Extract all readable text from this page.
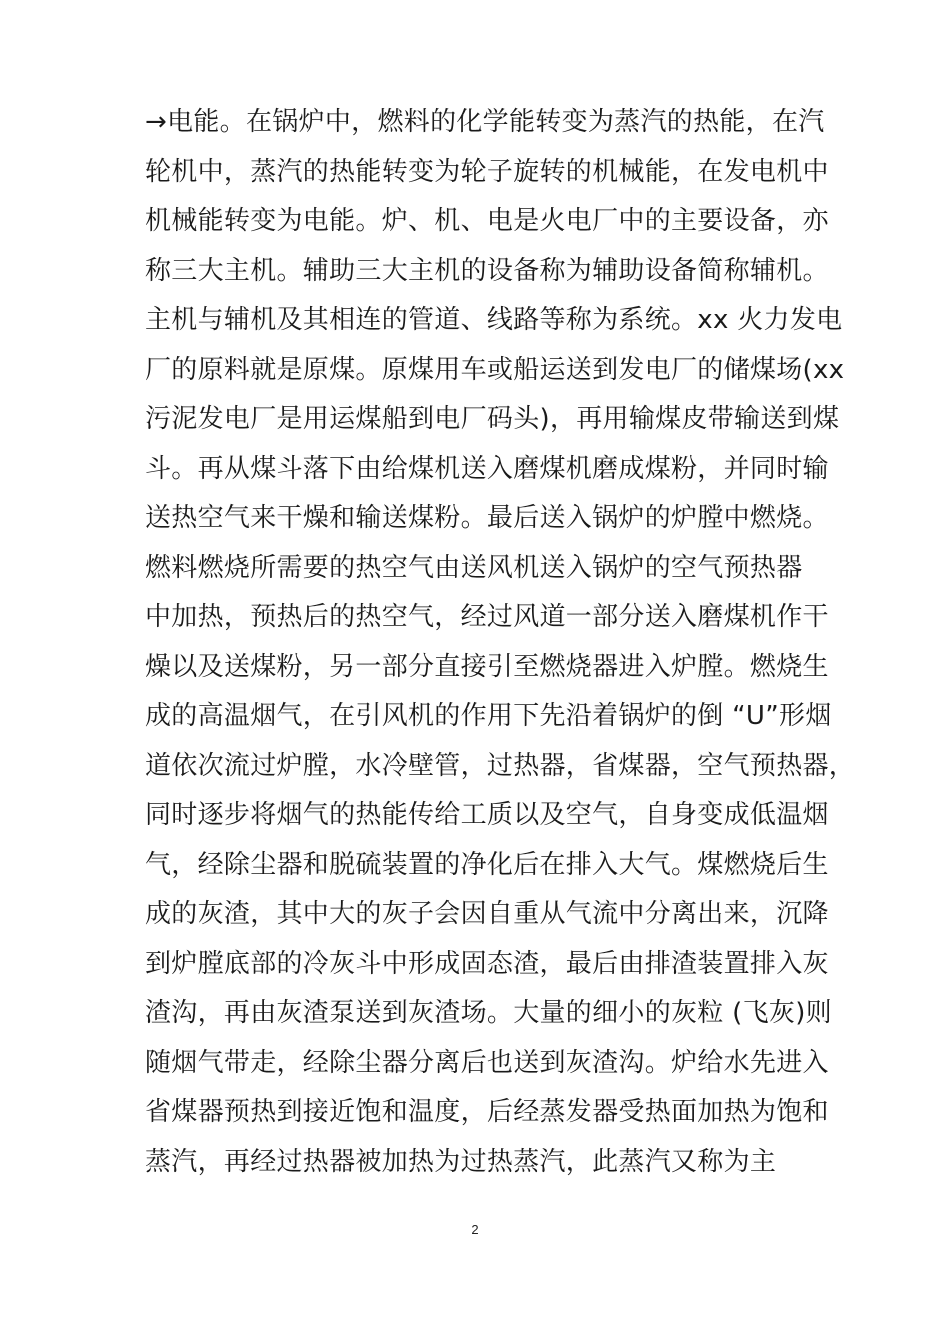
→电能。在锅炉中，燃料的化学能转变为蒸汽的热能，在汽
轮机中，蒸汽的热能转变为轮子旋转的机械能，在发电机中
机械能转变为电能。炉、机、电是火电厂中的主要设备，亦
称三大主机。辅助三大主机的设备称为辅助设备简称辅机。
主机与辅机及其相连的管道、线路等称为系统。xx 火力发电
厂的原料就是原煤。原煤用车或船运送到发电厂的储煤场(xx
污泥发电厂是用运煤船到电厂码头)，再用输煤皮带输送到煤
斗。再从煤斗落下由给煤机送入磨煤机磨成煤粉，并同时输
送热空气来干燥和输送煤粉。最后送入锅炉的炉膛中燃烧。
燃料燃烧所需要的热空气由送风机送入锅炉的空气预热器
中加热，预热后的热空气，经过风道一部分送入磨煤机作干
燥以及送煤粉，另一部分直接引至燃烧器进入炉膛。燃烧生
成的高温烟气，在引风机的作用下先沿着锅炉的倒 “U”形烟
道依次流过炉膛，水冷壁管，过热器，省煤器，空气预热器，
同时逐步将烟气的热能传给工质以及空气，自身变成低温烟
气，经除尘器和脱硫装置的净化后在排入大气。煤燃烧后生
成的灰渣，其中大的灰子会因自重从气流中分离出来，沉降
到炉膛底部的冷灰斗中形成固态渣，最后由排渣装置排入灰
渣沟，再由灰渣泵送到灰渣场。大量的细小的灰粒 (飞灰)则
随烟气带走，经除尘器分离后也送到灰渣沟。炉给水先进入
省煤器预热到接近饱和温度，后经蒸发器受热面加热为饱和
蒸汽，再经过热器被加热为过热蒸汽，此蒸汽又称为主
2
